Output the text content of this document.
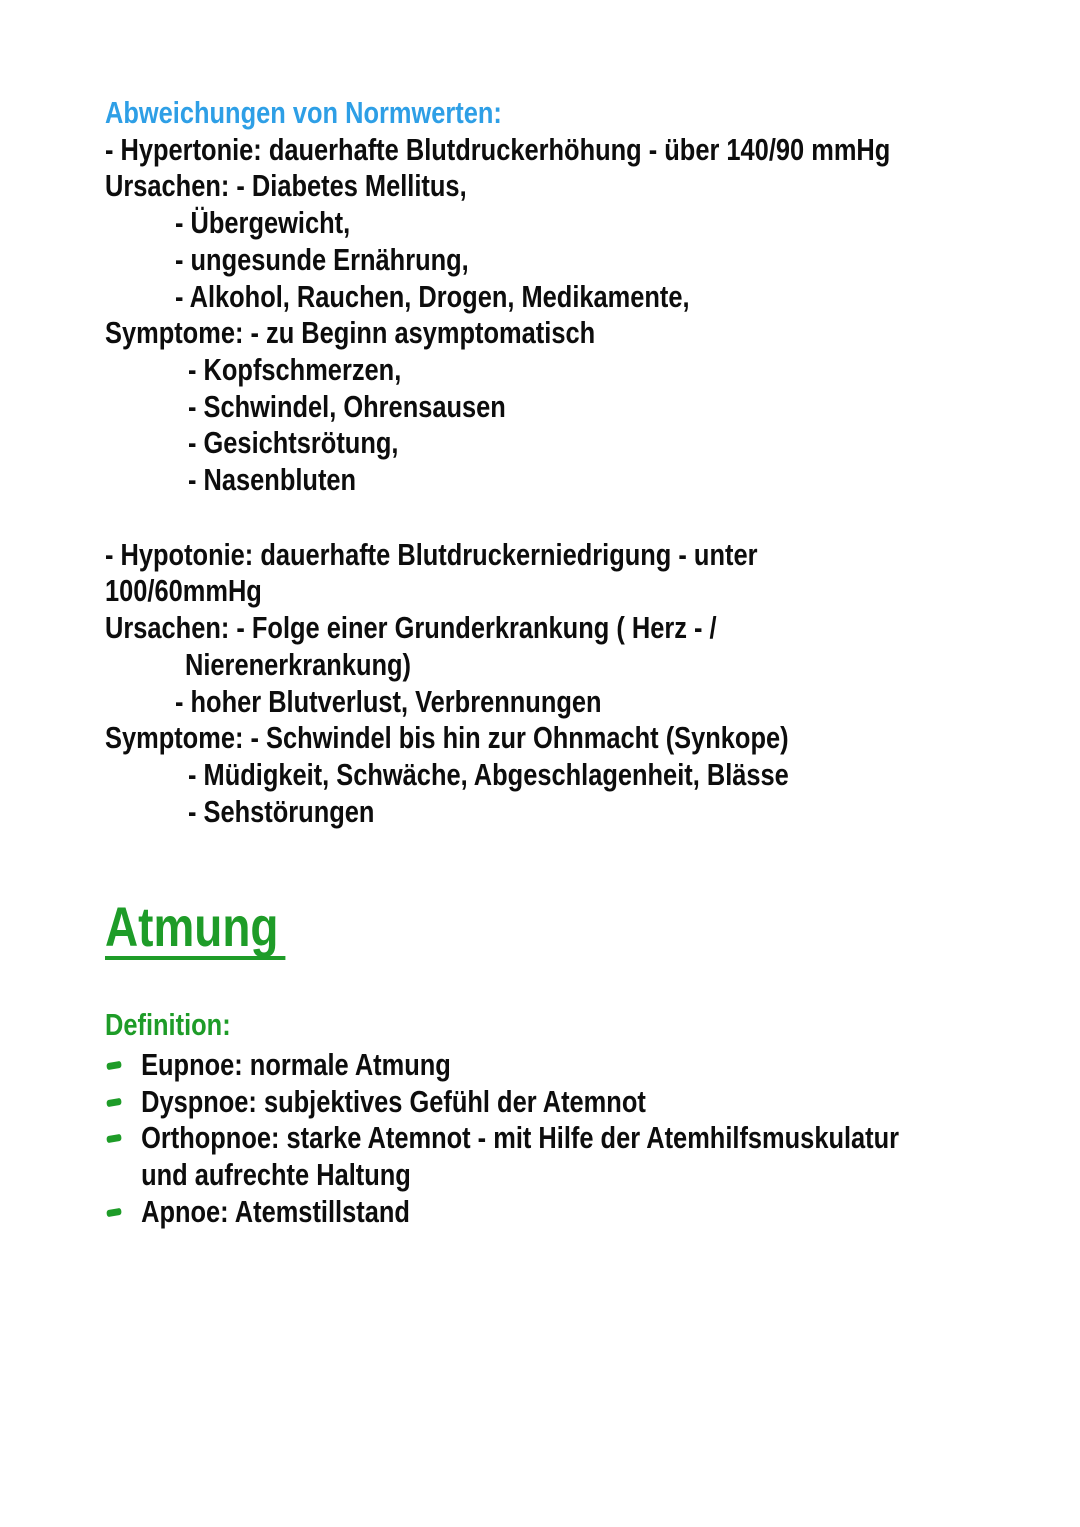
Abweichungen von Normwerten:
- Hypertonie: dauerhafte Blutdruckerhöhung - über 140/90 mmHg
Ursachen: - Diabetes Mellitus,
- Übergewicht,
- ungesunde Ernährung,
- Alkohol, Rauchen, Drogen, Medikamente,
Symptome: - zu Beginn asymptomatisch
- Kopfschmerzen,
- Schwindel, Ohrensausen
- Gesichtsrötung,
- Nasenbluten
- Hypotonie: dauerhafte Blutdruckerniedrigung - unter
100/60mmHg
Ursachen: - Folge einer Grunderkrankung ( Herz - /
Nierenerkrankung)
- hoher Blutverlust, Verbrennungen
Symptome: - Schwindel bis hin zur Ohnmacht (Synkope)
- Müdigkeit, Schwäche, Abgeschlagenheit, Blässe
- Sehstörungen
Atmung
Definition:
Eupnoe: normale Atmung
Dyspnoe: subjektives Gefühl der Atemnot
Orthopnoe: starke Atemnot - mit Hilfe der Atemhilfsmuskulatur
und aufrechte Haltung
Apnoe: Atemstillstand
